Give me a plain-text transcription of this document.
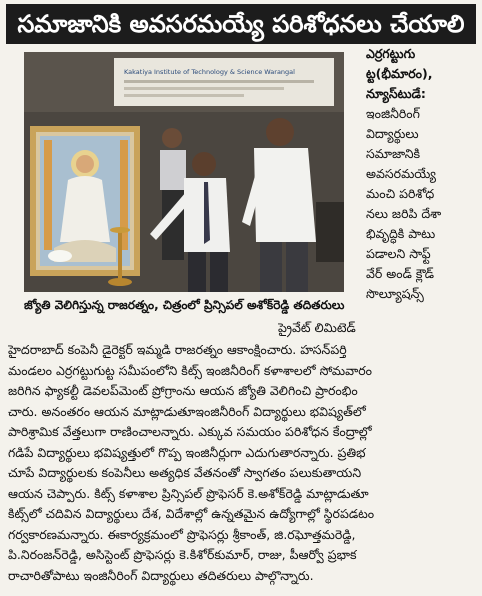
సమాజానికి అవసరమయ్యే పరిశోధనలు చేయాలి
Kakatiya Institute of Technology & Science Warangal
జ్యోతి వెలిగిస్తున్న రాజరత్నం, చిత్రంలో ప్రిన్సిపల్ అశోక్‌రెడ్డి తదితరులు
ఎర్రగట్టుగు
ట్ట(భీమారం),
న్యూస్‌టుడే:
ఇంజినీరింగ్
విద్యార్థులు
సమాజానికి
అవసరమయ్యే
మంచి పరిశోధ
నలు జరిపి దేశా
భివృద్ధికి పాటు
పడాలని సాఫ్ట్
వేర్ అండ్ క్లౌడ్
సొల్యూషన్స్
ప్రైవేట్ లిమిటెడ్
హైదరాబాద్ కంపెనీ డైరెక్టర్ ఇమ్మడి రాజరత్నం ఆకాంక్షించారు. హసన్‌పర్తి
మండలం ఎర్రగట్టుగుట్ట సమీపంలోని కిట్స్ ఇంజినీరింగ్ కళాశాలలో సోమవారం
జరిగిన ఫ్యాకల్టీ డెవలప్‌మెంట్ ప్రోగ్రాంను ఆయన జ్యోతి వెలిగించి ప్రారంభిం
చారు. అనంతరం ఆయన మాట్లాడుతూఇంజినీరింగ్ విద్యార్థులు భవిష్యత్‌లో
పారిశ్రామిక వేత్తలుగా రాణించాలన్నారు. ఎక్కువ సమయం పరిశోధన కేంద్రాల్లో
గడిపే విద్యార్థులు భవిష్యత్తులో గొప్ప ఇంజినీర్లుగా ఎదుగుతారన్నారు. ప్రతిభ
చూపే విద్యార్థులకు కంపెనీలు అత్యధిక వేతనంతో స్వాగతం పలుకుతాయని
ఆయన చెప్పారు. కిట్స్ కళాశాల ప్రిన్సిపల్ ప్రొఫెసర్ కె.అశోక్‌రెడ్డి మాట్లాడుతూ
కిట్స్‌లో చదివిన విద్యార్థులు దేశ, విదేశాల్లో ఉన్నతమైన ఉద్యోగాల్లో స్థిరపడటం
గర్వకారణమన్నారు. ఈకార్యక్రమంలో ప్రొఫెసర్లు శ్రీకాంత్, జి.రఘోత్తమరెడ్డి,
పి.నిరంజన్‌రెడ్డి, అసిస్టెంట్ ప్రొఫెసర్లు కె.కిశోర్‌కుమార్, రాజు, పీఆర్వో ప్రభాక
రాచారితోపాటు ఇంజినీరింగ్ విద్యార్థులు తదితరులు పాల్గొన్నారు.
